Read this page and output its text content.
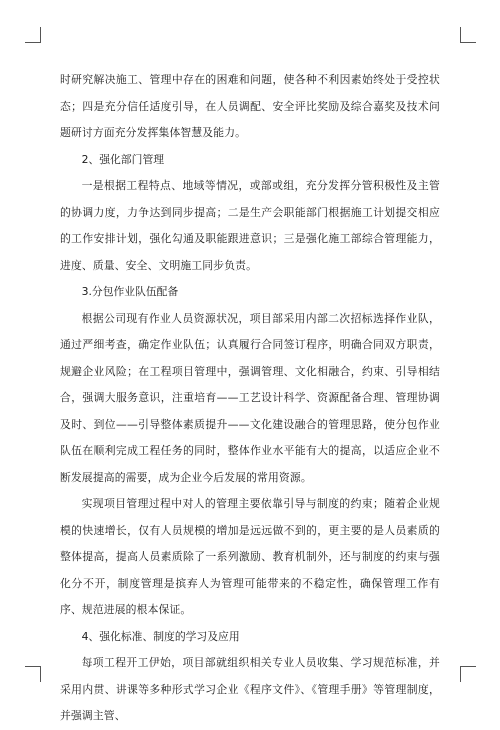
时研究解决施工、管理中存在的困难和问题，使各种不利因素始终处于受控状态；四是充分信任适度引导，在人员调配、安全评比奖励及综合嘉奖及技术问题研讨方面充分发挥集体智慧及能力。

2、强化部门管理

一是根据工程特点、地域等情况，或部或组，充分发挥分管积极性及主管的协调力度，力争达到同步提高；二是生产会职能部门根据施工计划提交相应的工作安排计划，强化勾通及职能跟进意识；三是强化施工部综合管理能力，进度、质量、安全、文明施工同步负责。

3.分包作业队伍配备

根据公司现有作业人员资源状况，项目部采用内部二次招标选择作业队，通过严细考查，确定作业队伍；认真履行合同签订程序，明确合同双方职责，规避企业风险；在工程项目管理中，强调管理、文化相融合，约束、引导相结合，强调大服务意识，注重培育——工艺设计科学、资源配备合理、管理协调及时、到位——引导整体素质提升——文化建设融合的管理思路，使分包作业队伍在顺利完成工程任务的同时，整体作业水平能有大的提高，以适应企业不断发展提高的需要，成为企业今后发展的常用资源。

实现项目管理过程中对人的管理主要依靠引导与制度的约束；随着企业规模的快速增长，仅有人员规模的增加是远远做不到的，更主要的是人员素质的整体提高，提高人员素质除了一系列激励、教育机制外，还与制度的约束与强化分不开，制度管理是摈弃人为管理可能带来的不稳定性，确保管理工作有序、规范进展的根本保证。

4、强化标准、制度的学习及应用

每项工程开工伊始，项目部就组织相关专业人员收集、学习规范标准，并采用内贯、讲课等多种形式学习企业《程序文件》、《管理手册》等管理制度，并强调主管、
